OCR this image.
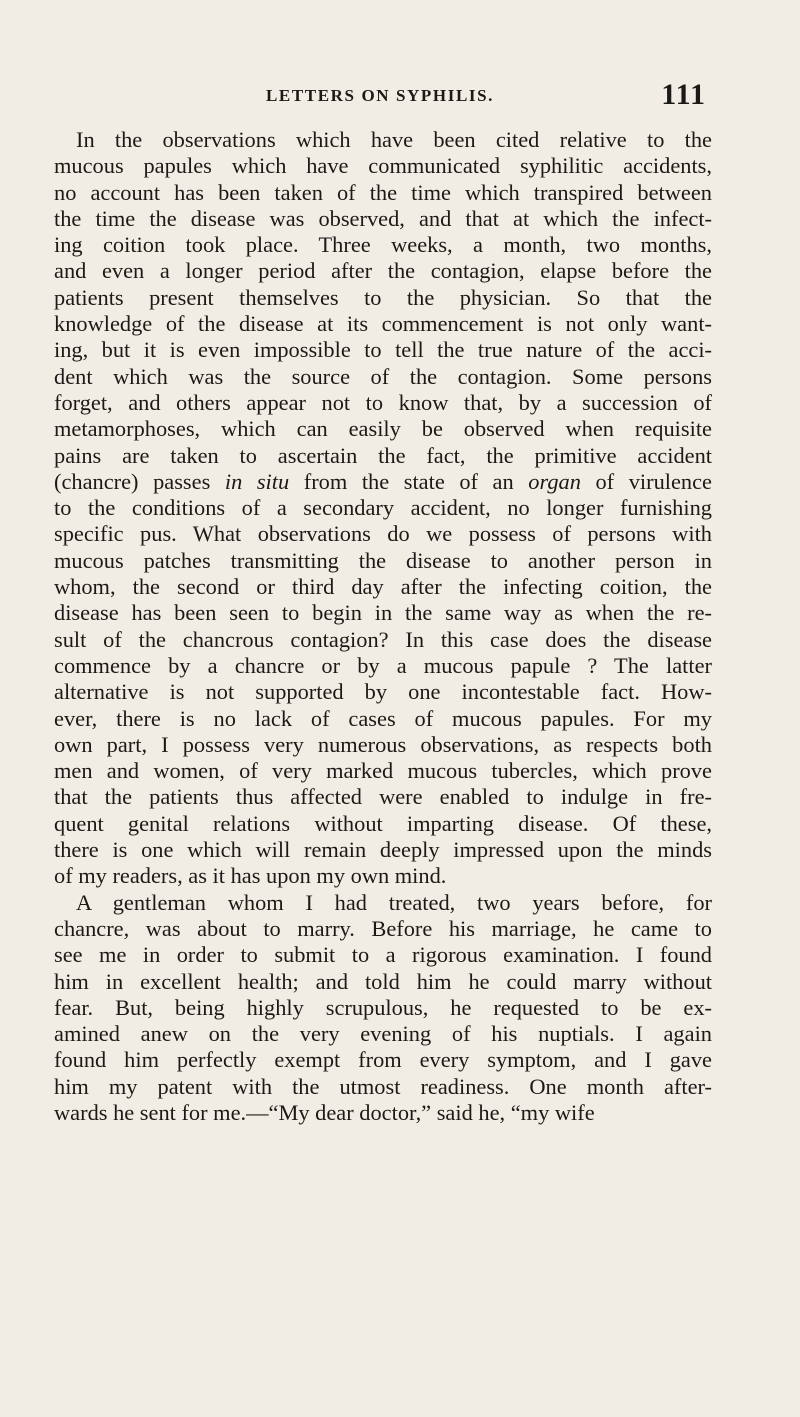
LETTERS ON SYPHILIS.	111
In the observations which have been cited relative to the
mucous papules which have communicated syphilitic accidents,
no account has been taken of the time which transpired between
the time the disease was observed, and that at which the infect-
ing coition took place. Three weeks, a month, two months,
and even a longer period after the contagion, elapse before the
patients present themselves to the physician. So that the
knowledge of the disease at its commencement is not only want-
ing, but it is even impossible to tell the true nature of the acci-
dent which was the source of the contagion. Some persons
forget, and others appear not to know that, by a succession of
metamorphoses, which can easily be observed when requisite
pains are taken to ascertain the fact, the primitive accident
(chancre) passes in situ from the state of an organ of virulence
to the conditions of a secondary accident, no longer furnishing
specific pus. What observations do we possess of persons with
mucous patches transmitting the disease to another person in
whom, the second or third day after the infecting coition, the
disease has been seen to begin in the same way as when the re-
sult of the chancrous contagion? In this case does the disease
commence by a chancre or by a mucous papule ? The latter
alternative is not supported by one incontestable fact. How-
ever, there is no lack of cases of mucous papules. For my
own part, I possess very numerous observations, as respects both
men and women, of very marked mucous tubercles, which prove
that the patients thus affected were enabled to indulge in fre-
quent genital relations without imparting disease. Of these,
there is one which will remain deeply impressed upon the minds
of my readers, as it has upon my own mind.
A gentleman whom I had treated, two years before, for
chancre, was about to marry. Before his marriage, he came to
see me in order to submit to a rigorous examination. I found
him in excellent health; and told him he could marry without
fear. But, being highly scrupulous, he requested to be ex-
amined anew on the very evening of his nuptials. I again
found him perfectly exempt from every symptom, and I gave
him my patent with the utmost readiness. One month after-
wards he sent for me.—“My dear doctor,” said he, “my wife
